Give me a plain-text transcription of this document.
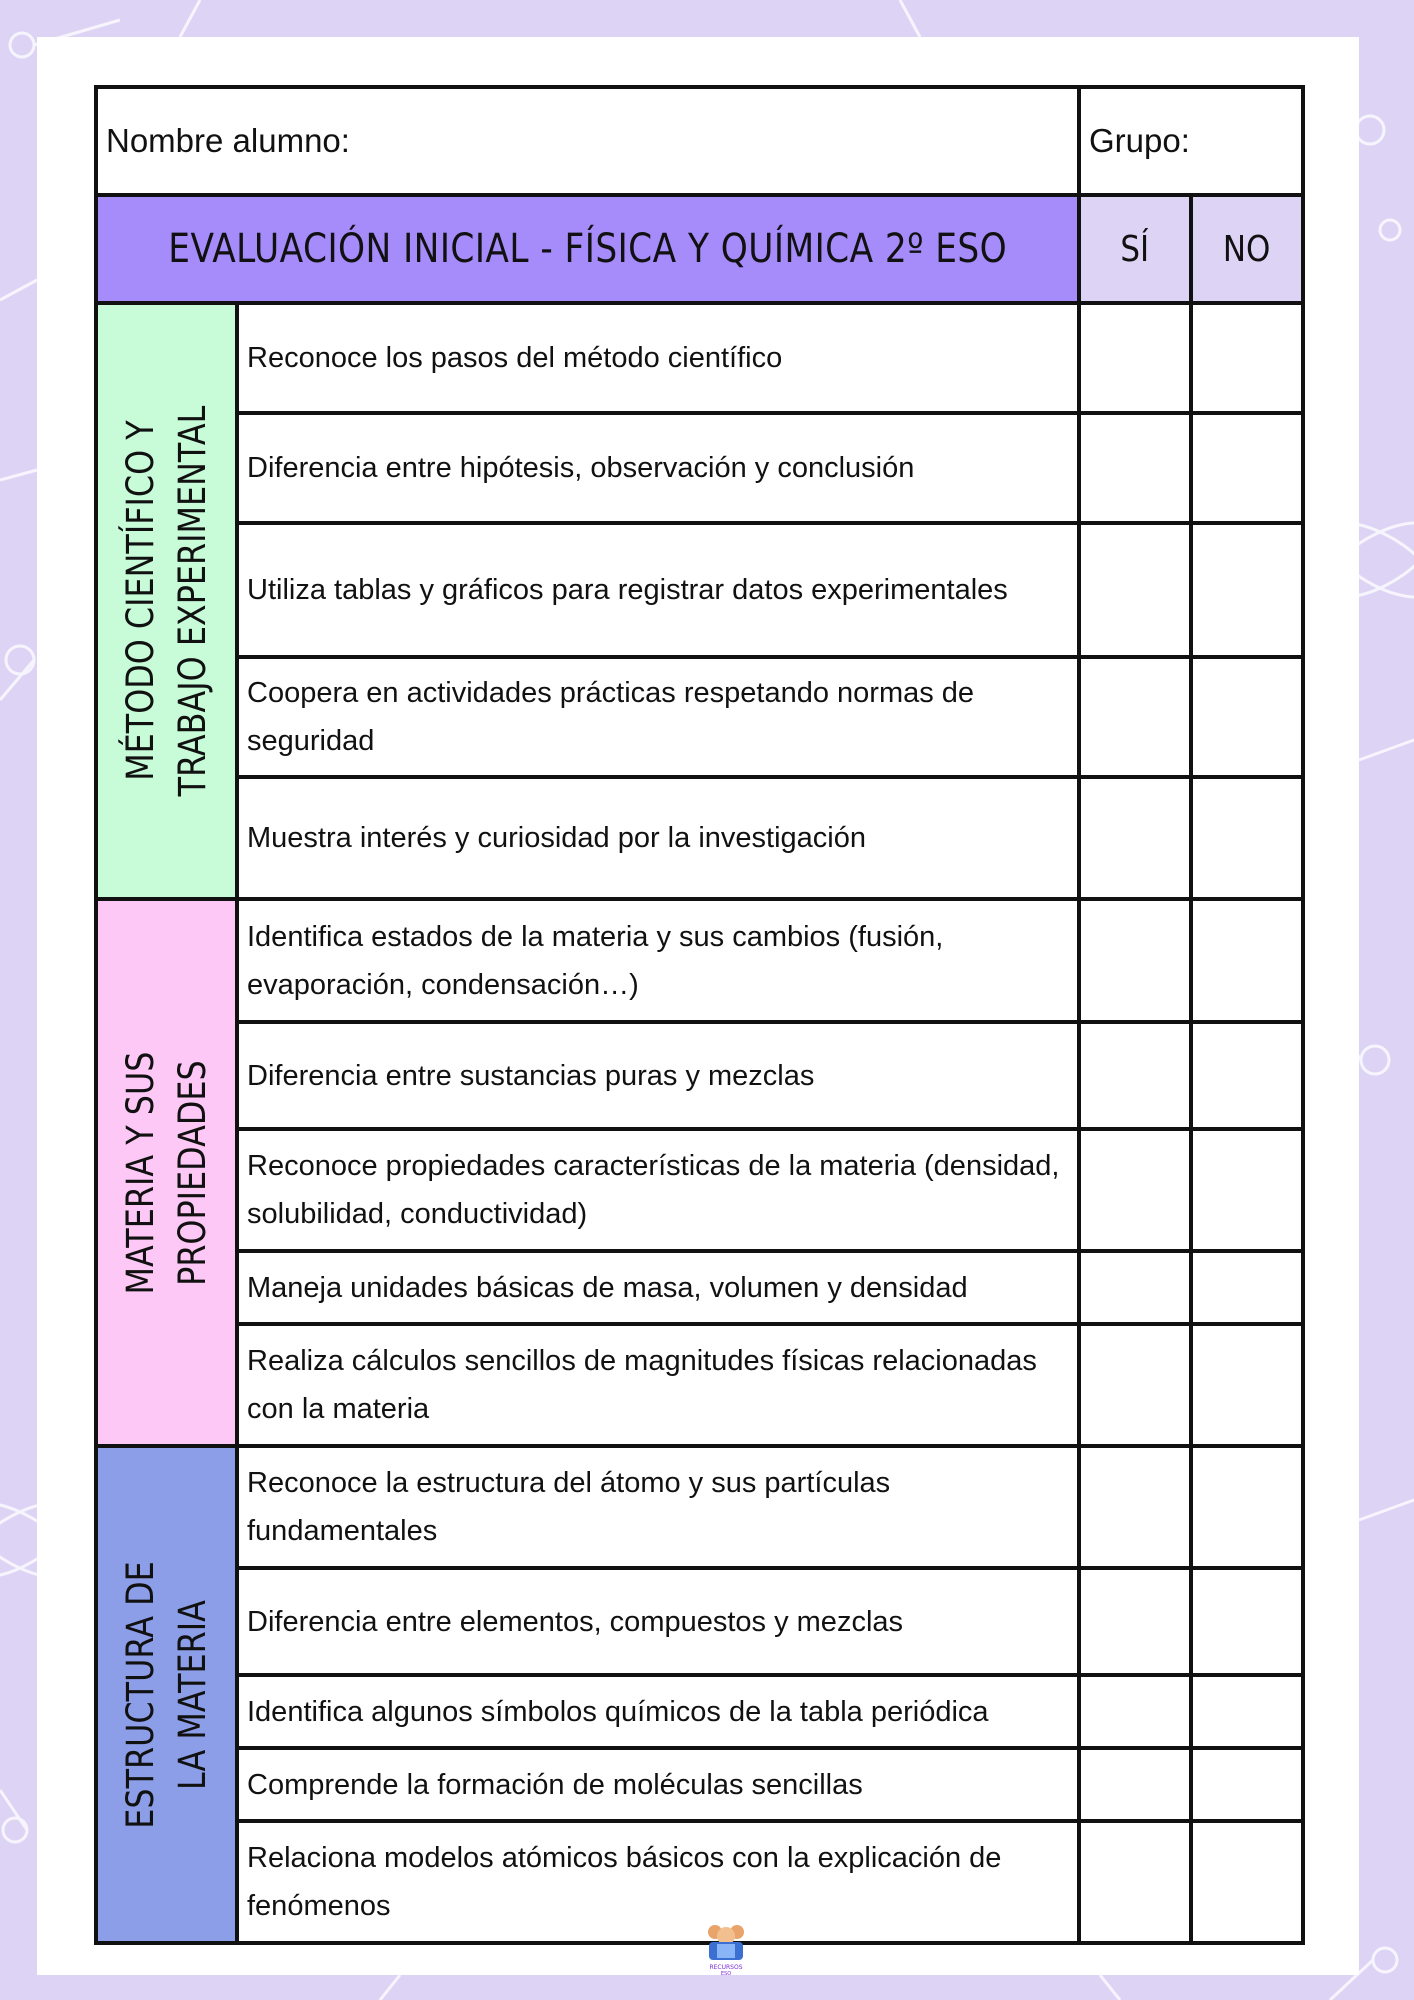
Nombre alumno:		Grupo:	
EVALUACIÓN INICIAL - FÍSICA Y QUÍMICA 2º ESO		SÍ	NO

MÉTODO CIENTÍFICO Y TRABAJO EXPERIMENTAL	Reconoce los pasos del método científico		
	Diferencia entre hipótesis, observación y conclusión		
	Utiliza tablas y gráficos para registrar datos experimentales		
	Coopera en actividades prácticas respetando normas de seguridad		
	Muestra interés y curiosidad por la investigación		

MATERIA Y SUS PROPIEDADES	Identifica estados de la materia y sus cambios (fusión, evaporación, condensación…)		
	Diferencia entre sustancias puras y mezclas		
	Reconoce propiedades características de la materia (densidad, solubilidad, conductividad)		
	Maneja unidades básicas de masa, volumen y densidad		
	Realiza cálculos sencillos de magnitudes físicas relacionadas con la materia		

ESTRUCTURA DE LA MATERIA	Reconoce la estructura del átomo y sus partículas fundamentales		
	Diferencia entre elementos, compuestos y mezclas		
	Identifica algunos símbolos químicos de la tabla periódica		
	Comprende la formación de moléculas sencillas		
	Relaciona modelos atómicos básicos con la explicación de fenómenos		
RECURSOS
ESO
